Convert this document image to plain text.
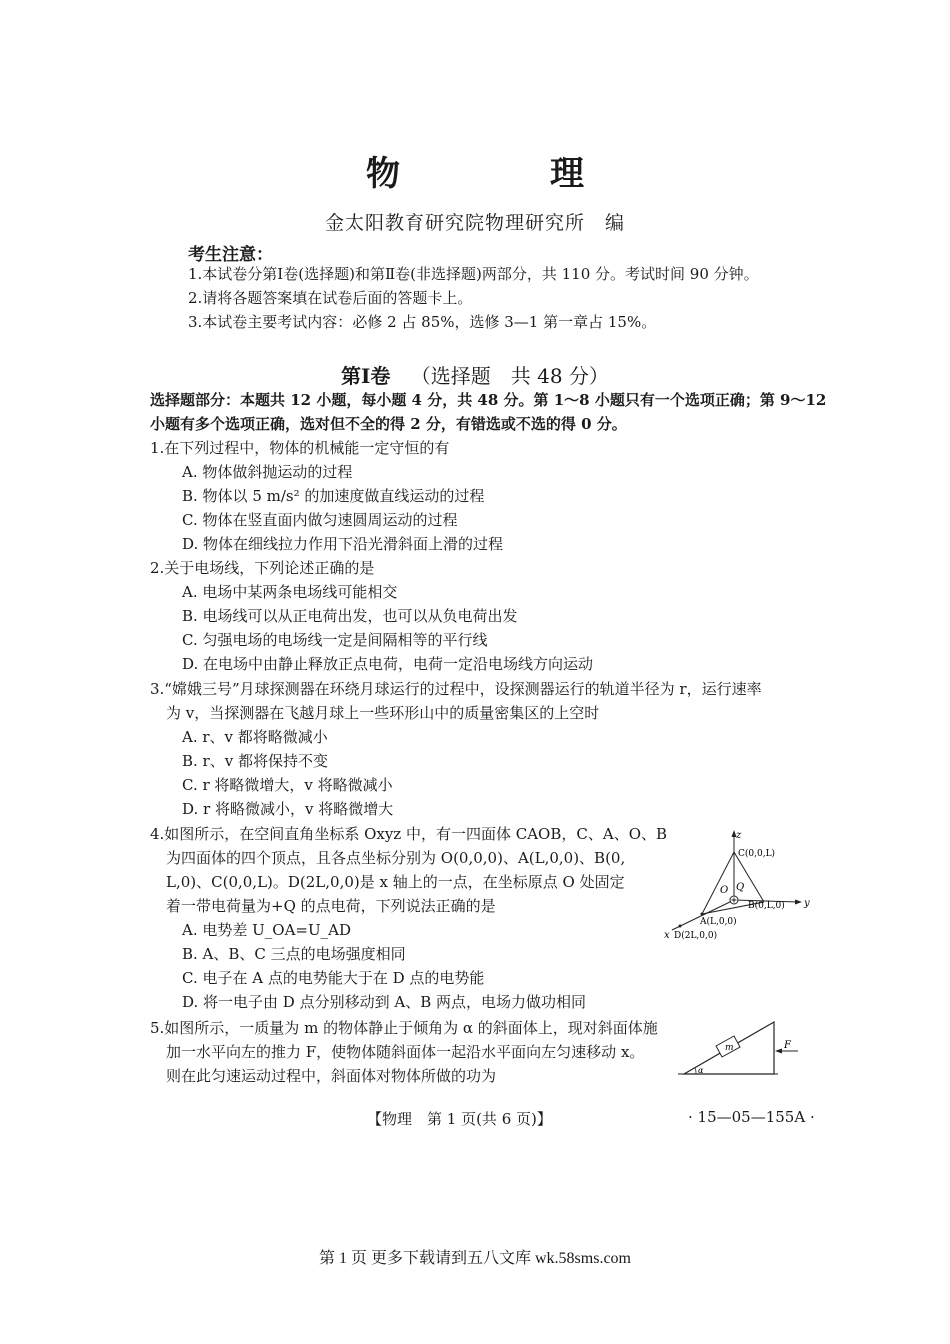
物　理
金太阳教育研究院物理研究所　编
考生注意：
1.本试卷分第Ⅰ卷(选择题)和第Ⅱ卷(非选择题)两部分，共 110 分。考试时间 90 分钟。
2.请将各题答案填在试卷后面的答题卡上。
3.本试卷主要考试内容：必修 2 占 85%，选修 3—1 第一章占 15%。
第Ⅰ卷 （选择题　共 48 分）
选择题部分：本题共 12 小题，每小题 4 分，共 48 分。第 1～8 小题只有一个选项正确；第 9～12
小题有多个选项正确，选对但不全的得 2 分，有错选或不选的得 0 分。
1.在下列过程中，物体的机械能一定守恒的有
A. 物体做斜抛运动的过程
B. 物体以 5 m/s² 的加速度做直线运动的过程
C. 物体在竖直面内做匀速圆周运动的过程
D. 物体在细线拉力作用下沿光滑斜面上滑的过程
2.关于电场线，下列论述正确的是
A. 电场中某两条电场线可能相交
B. 电场线可以从正电荷出发，也可以从负电荷出发
C. 匀强电场的电场线一定是间隔相等的平行线
D. 在电场中由静止释放正点电荷，电荷一定沿电场线方向运动
3.“嫦娥三号”月球探测器在环绕月球运行的过程中，设探测器运行的轨道半径为 r，运行速率
为 v，当探测器在飞越月球上一些环形山中的质量密集区的上空时
A. r、v 都将略微减小
B. r、v 都将保持不变
C. r 将略微增大，v 将略微减小
D. r 将略微减小，v 将略微增大
4.如图所示，在空间直角坐标系 Oxyz 中，有一四面体 CAOB，C、A、O、B
为四面体的四个顶点，且各点坐标分别为 O(0,0,0)、A(L,0,0)、B(0,
L,0)、C(0,0,L)。D(2L,0,0)是 x 轴上的一点，在坐标原点 O 处固定
着一带电荷量为+Q 的点电荷，下列说法正确的是
A. 电势差 U_OA=U_AD
B. A、B、C 三点的电场强度相同
C. 电子在 A 点的电势能大于在 D 点的电势能
D. 将一电子由 D 点分别移动到 A、B 两点，电场力做功相同
z
C(0,0,L)
O Q
y
B(0,L,0)
A(L,0,0)
x D(2L,0,0)
5.如图所示，一质量为 m 的物体静止于倾角为 α 的斜面体上，现对斜面体施
加一水平向左的推力 F，使物体随斜面体一起沿水平面向左匀速移动 x。
则在此匀速运动过程中，斜面体对物体所做的功为
m	F
α
【物理　第 1 页(共 6 页)】	· 15—05—155A ·
第 1 页 更多下载请到五八文库 wk.58sms.com
